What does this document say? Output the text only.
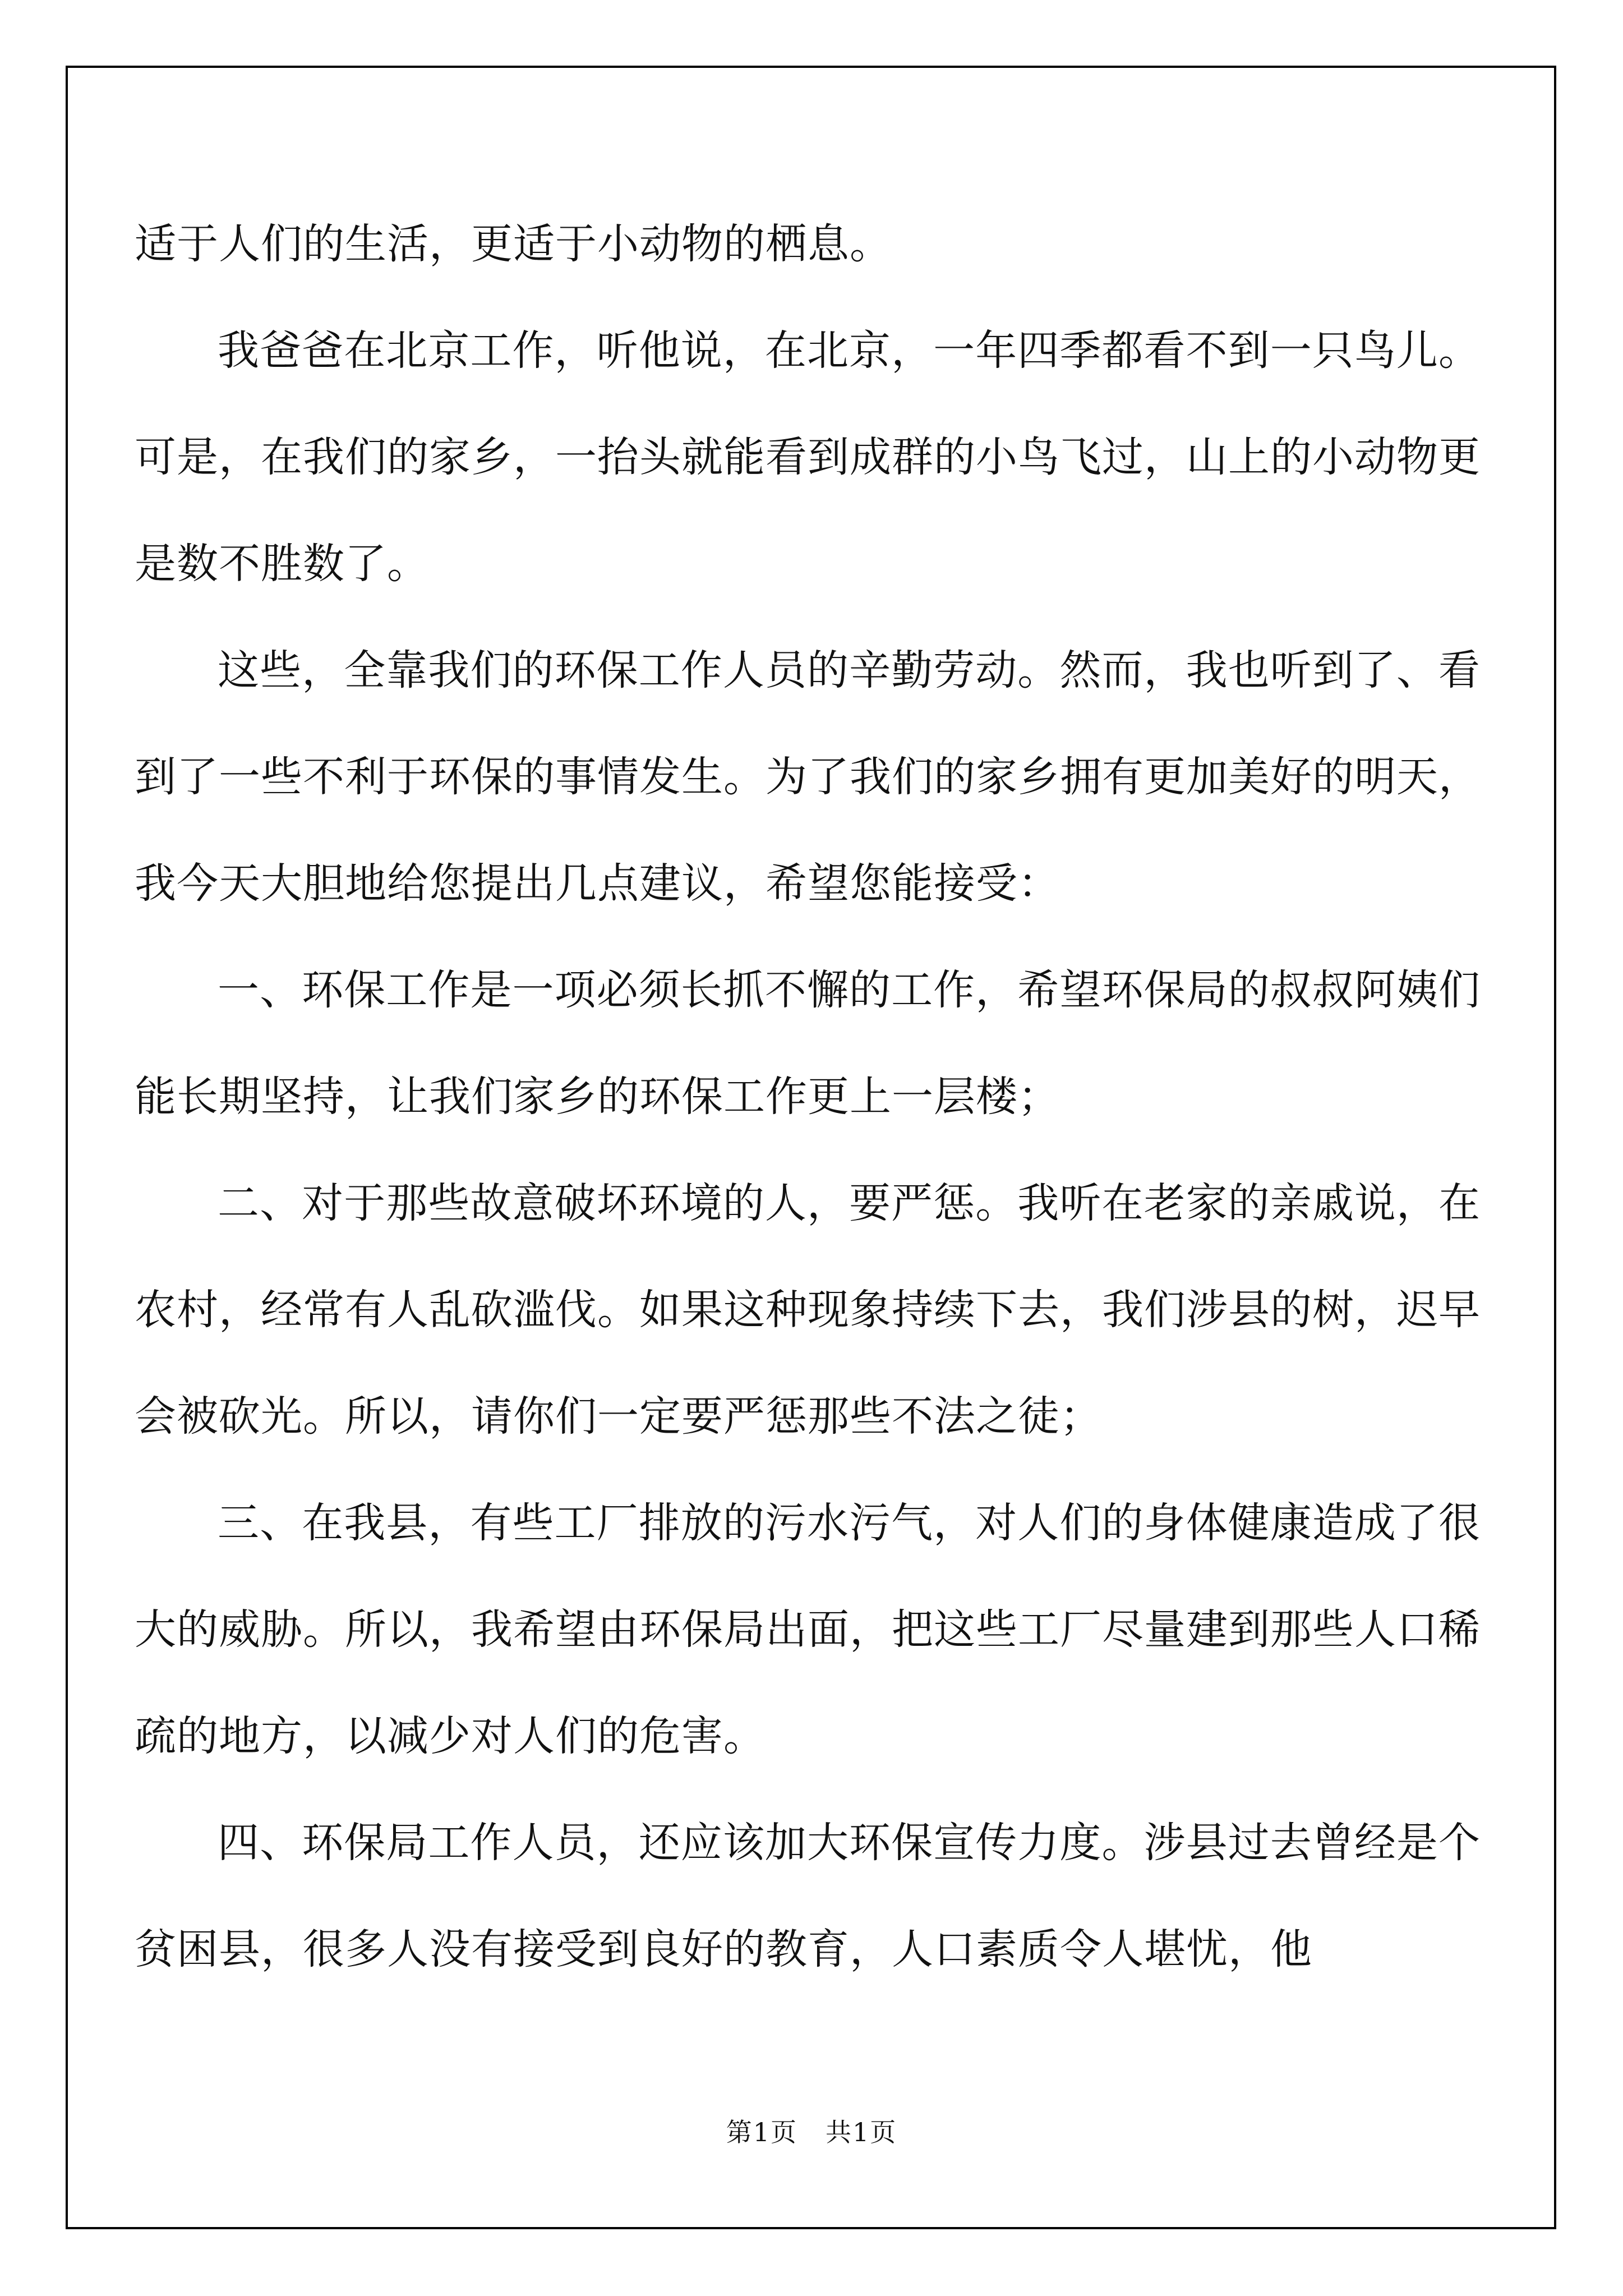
适于人们的生活，更适于小动物的栖息。

我爸爸在北京工作，听他说，在北京，一年四季都看不到一只鸟儿。可是，在我们的家乡，一抬头就能看到成群的小鸟飞过，山上的小动物更是数不胜数了。

这些，全靠我们的环保工作人员的辛勤劳动。然而，我也听到了、看到了一些不利于环保的事情发生。为了我们的家乡拥有更加美好的明天，我今天大胆地给您提出几点建议，希望您能接受：

一、环保工作是一项必须长抓不懈的工作，希望环保局的叔叔阿姨们能长期坚持，让我们家乡的环保工作更上一层楼；

二、对于那些故意破坏环境的人，要严惩。我听在老家的亲戚说，在农村，经常有人乱砍滥伐。如果这种现象持续下去，我们涉县的树，迟早会被砍光。所以，请你们一定要严惩那些不法之徒；

三、在我县，有些工厂排放的污水污气，对人们的身体健康造成了很大的威胁。所以，我希望由环保局出面，把这些工厂尽量建到那些人口稀疏的地方，以减少对人们的危害。

四、环保局工作人员，还应该加大环保宣传力度。涉县过去曾经是个贫困县，很多人没有接受到良好的教育，人口素质令人堪忧，他

第1页 共1页
